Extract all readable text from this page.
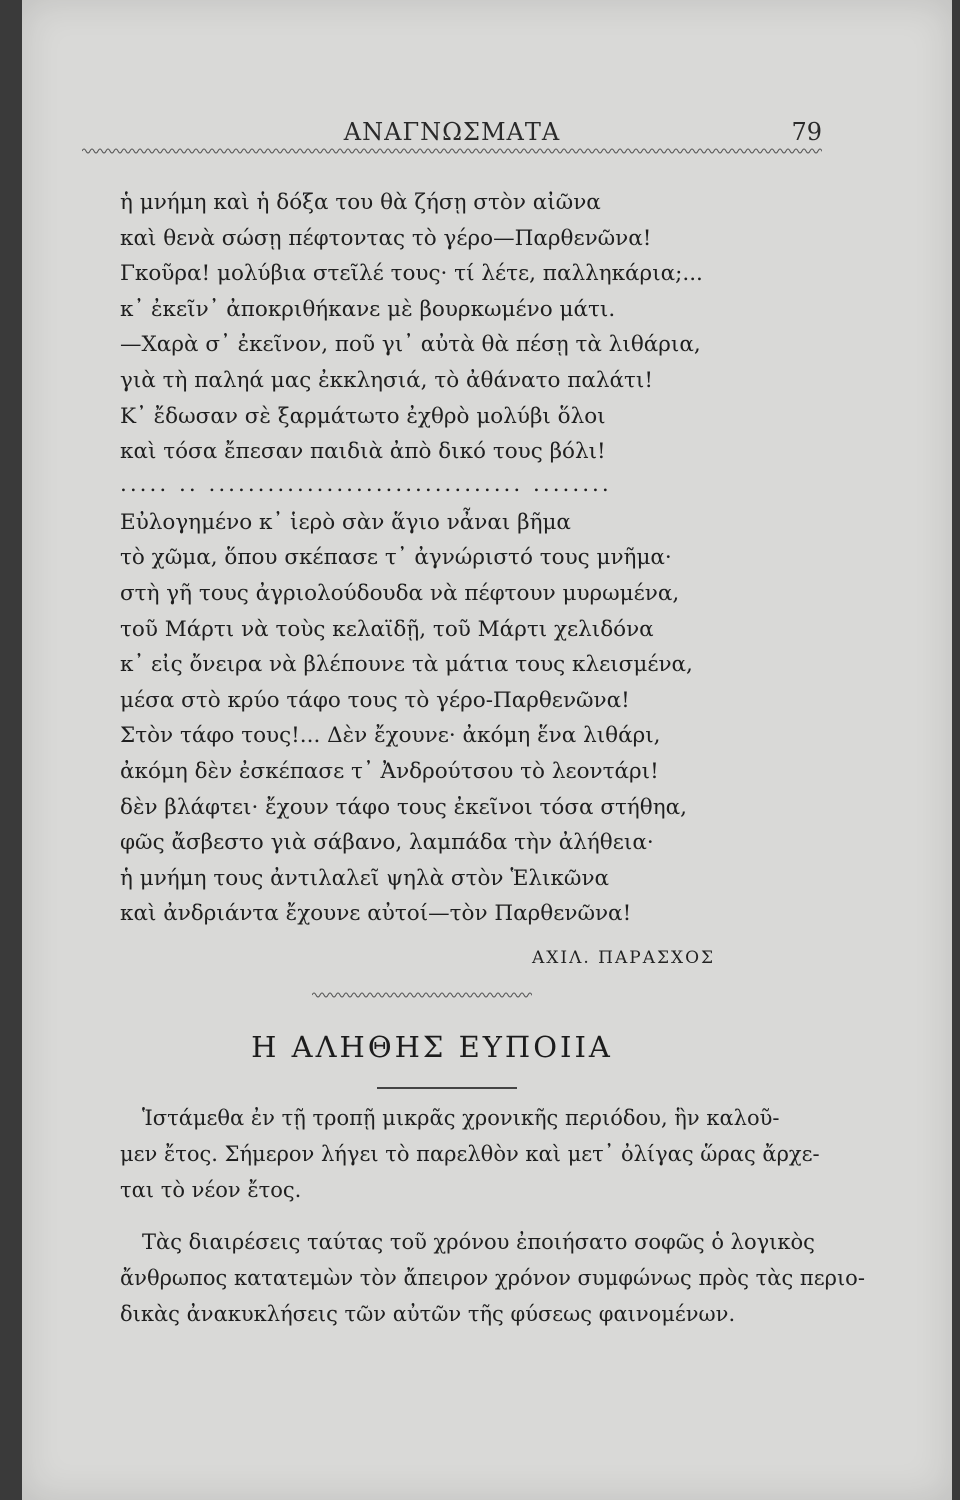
ΑΝΑΓΝΩΣΜΑΤΑ	79
ἡ μνήμη καὶ ἡ δόξα του θὰ ζήσῃ στὸν αἰῶνα
καὶ θενὰ σώσῃ πέφτοντας τὸ γέρο—Παρθενῶνα!
Γκοῦρα! μολύβια στεῖλέ τους· τί λέτε, παλληκάρια;...
κ᾽ ἐκεῖν᾽ ἀποκριθήκανε μὲ βουρκωμένο μάτι.
—Χαρὰ σ᾽ ἐκεῖνον, ποῦ γι᾽ αὐτὰ θὰ πέσῃ τὰ λιθάρια,
γιὰ τὴ παληά μας ἐκκλησιά, τὸ ἀθάνατο παλάτι!
Κ᾽ ἔδωσαν σὲ ξαρμάτωτο ἐχθρὸ μολύβι ὅλοι
καὶ τόσα ἔπεσαν παιδιὰ ἀπὸ δικό τους βόλι!
..... .. ................................ ........
Εὐλογημένο κ᾽ ἱερὸ σὰν ἅγιο νἆναι βῆμα
τὸ χῶμα, ὅπου σκέπασε τ᾽ ἀγνώριστό τους μνῆμα·
στὴ γῆ τους ἀγριολούδουδα νὰ πέφτουν μυρωμένα,
τοῦ Μάρτι νὰ τοὺς κελαϊδῇ, τοῦ Μάρτι χελιδόνα
κ᾽ εἰς ὄνειρα νὰ βλέπουνε τὰ μάτια τους κλεισμένα,
μέσα στὸ κρύο τάφο τους τὸ γέρο-Παρθενῶνα!
Στὸν τάφο τους!... Δὲν ἔχουνε· ἀκόμη ἕνα λιθάρι,
ἀκόμη δὲν ἐσκέπασε τ᾽ Ἀνδρούτσου τὸ λεοντάρι!
δὲν βλάφτει· ἔχουν τάφο τους ἐκεῖνοι τόσα στήθηα,
φῶς ἄσβεστο γιὰ σάβανο, λαμπάδα τὴν ἀλήθεια·
ἡ μνήμη τους ἀντιλαλεῖ ψηλὰ στὸν Ἑλικῶνα
καὶ ἀνδριάντα ἔχουνε αὐτοί—τὸν Παρθενῶνα!
ΑΧΙΛ. ΠΑΡΑΣΧΟΣ
Η ΑΛΗΘΗΣ ΕΥΠΟΙΙΑ
Ἱστάμεθα ἐν τῇ τροπῇ μικρᾶς χρονικῆς περιόδου, ἣν καλοῦ-
μεν ἔτος. Σήμερον λήγει τὸ παρελθὸν καὶ μετ᾽ ὀλίγας ὥρας ἄρχε-
ται τὸ νέον ἔτος.
Τὰς διαιρέσεις ταύτας τοῦ χρόνου ἐποιήσατο σοφῶς ὁ λογικὸς
ἄνθρωπος κατατεμὼν τὸν ἄπειρον χρόνον συμφώνως πρὸς τὰς περιο-
δικὰς ἀνακυκλήσεις τῶν αὐτῶν τῆς φύσεως φαινομένων.
